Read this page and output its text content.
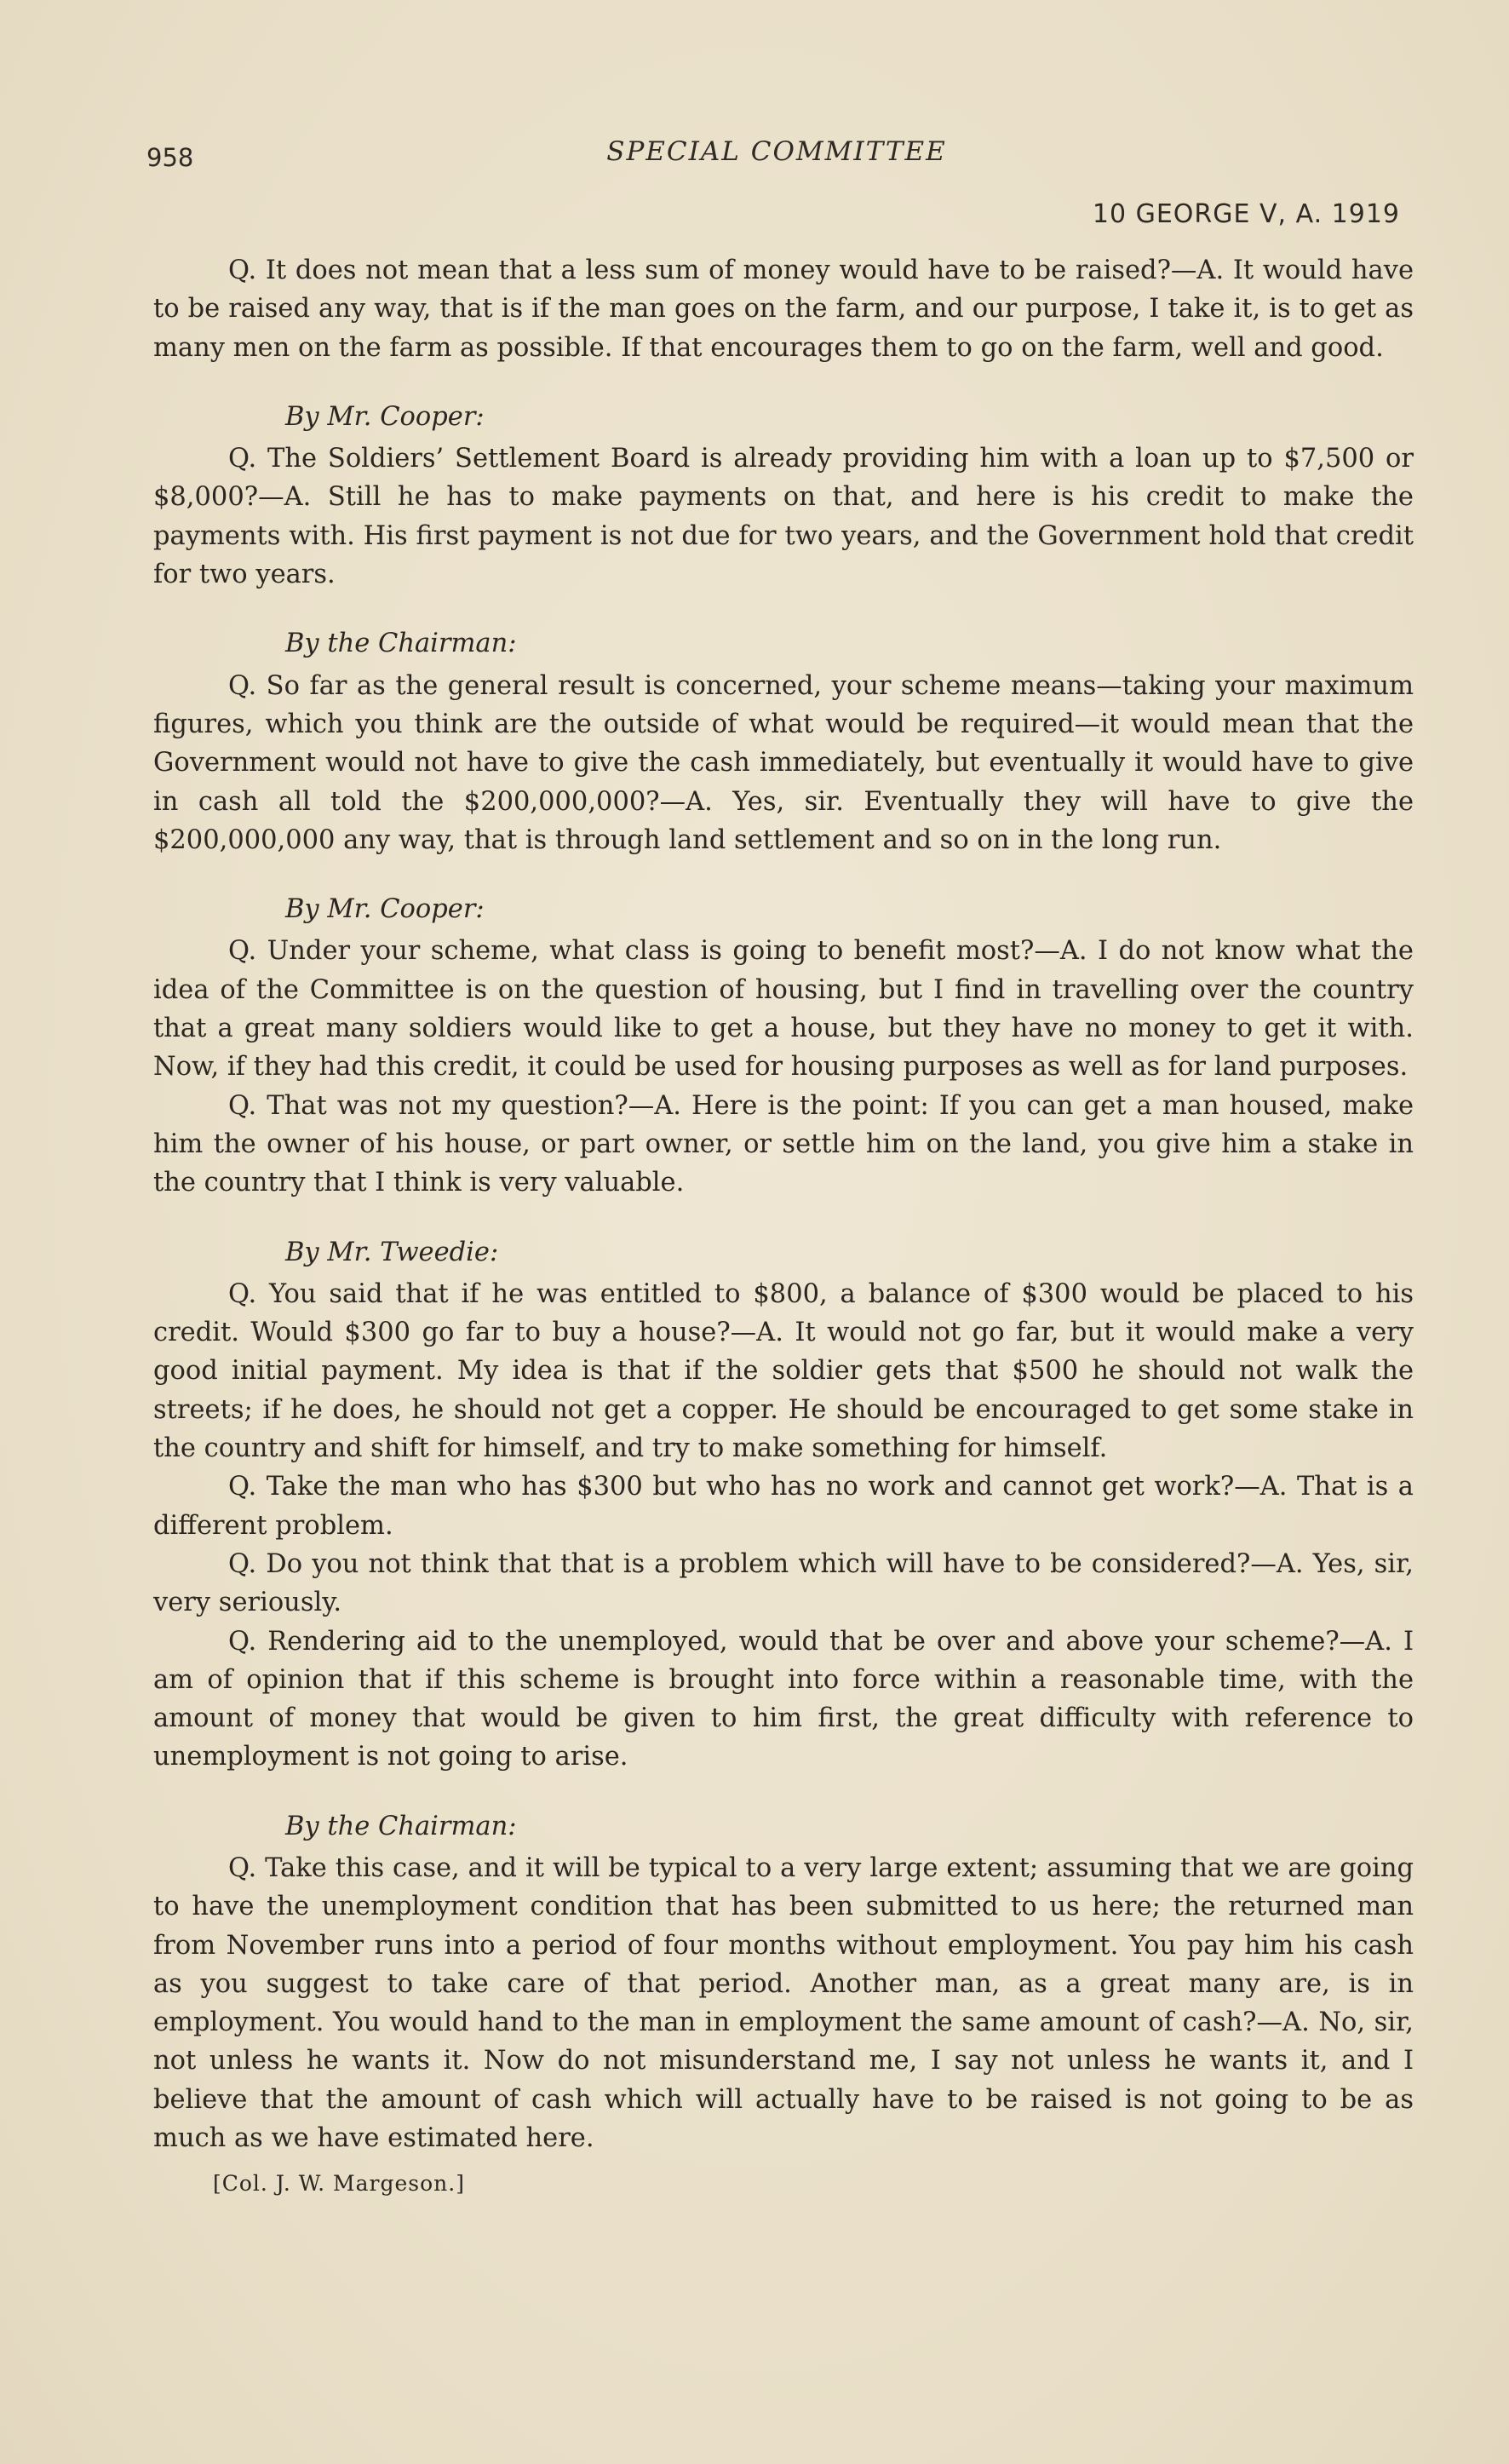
958	SPECIAL COMMITTEE
10 GEORGE V, A. 1919

Q. It does not mean that a less sum of money would have to be raised?—A. It would have to be raised any way, that is if the man goes on the farm, and our purpose, I take it, is to get as many men on the farm as possible. If that encourages them to go on the farm, well and good.

By Mr. Cooper:

Q. The Soldiers’ Settlement Board is already providing him with a loan up to $7,500 or $8,000?—A. Still he has to make payments on that, and here is his credit to make the payments with. His first payment is not due for two years, and the Government hold that credit for two years.

By the Chairman:

Q. So far as the general result is concerned, your scheme means—taking your maximum figures, which you think are the outside of what would be required—it would mean that the Government would not have to give the cash immediately, but eventually it would have to give in cash all told the $200,000,000?—A. Yes, sir. Eventually they will have to give the $200,000,000 any way, that is through land settlement and so on in the long run.

By Mr. Cooper:

Q. Under your scheme, what class is going to benefit most?—A. I do not know what the idea of the Committee is on the question of housing, but I find in travelling over the country that a great many soldiers would like to get a house, but they have no money to get it with. Now, if they had this credit, it could be used for housing purposes as well as for land purposes.

Q. That was not my question?—A. Here is the point: If you can get a man housed, make him the owner of his house, or part owner, or settle him on the land, you give him a stake in the country that I think is very valuable.

By Mr. Tweedie:

Q. You said that if he was entitled to $800, a balance of $300 would be placed to his credit. Would $300 go far to buy a house?—A. It would not go far, but it would make a very good initial payment. My idea is that if the soldier gets that $500 he should not walk the streets; if he does, he should not get a copper. He should be encouraged to get some stake in the country and shift for himself, and try to make something for himself.

Q. Take the man who has $300 but who has no work and cannot get work?—A. That is a different problem.

Q. Do you not think that that is a problem which will have to be considered?—A. Yes, sir, very seriously.

Q. Rendering aid to the unemployed, would that be over and above your scheme?—A. I am of opinion that if this scheme is brought into force within a reasonable time, with the amount of money that would be given to him first, the great difficulty with reference to unemployment is not going to arise.

By the Chairman:

Q. Take this case, and it will be typical to a very large extent; assuming that we are going to have the unemployment condition that has been submitted to us here; the returned man from November runs into a period of four months without employment. You pay him his cash as you suggest to take care of that period. Another man, as a great many are, is in employment. You would hand to the man in employment the same amount of cash?—A. No, sir, not unless he wants it. Now do not misunderstand me, I say not unless he wants it, and I believe that the amount of cash which will actually have to be raised is not going to be as much as we have estimated here.

[Col. J. W. Margeson.]
